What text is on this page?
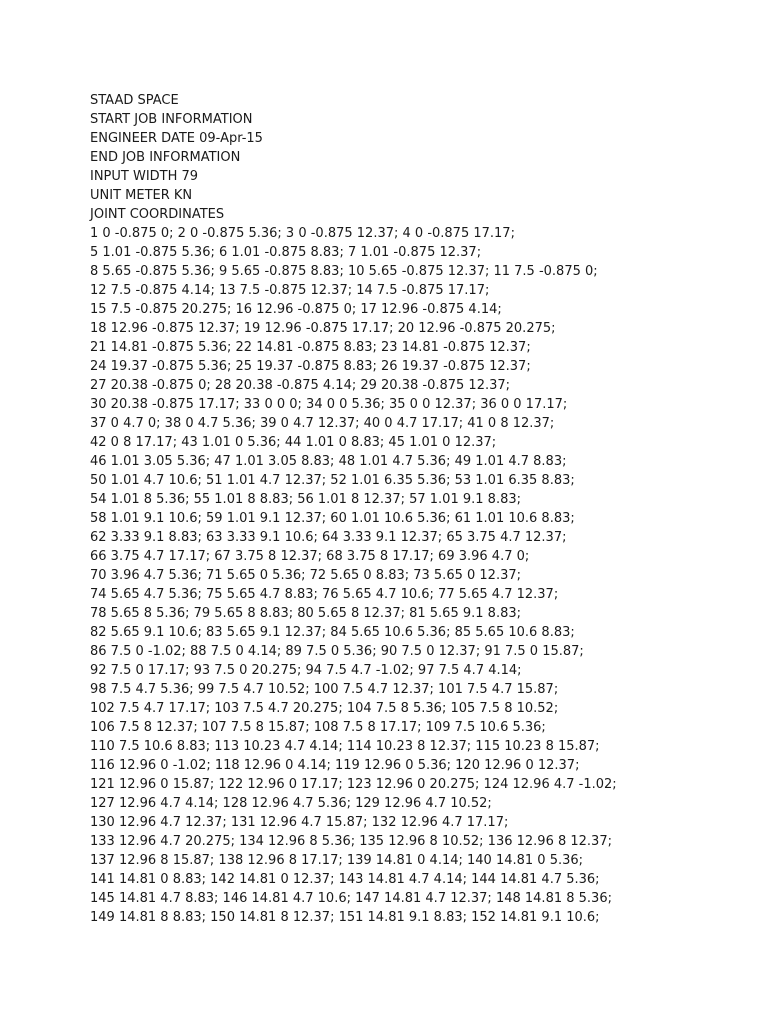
STAAD SPACE
START JOB INFORMATION
ENGINEER DATE 09-Apr-15
END JOB INFORMATION
INPUT WIDTH 79
UNIT METER KN
JOINT COORDINATES
1 0 -0.875 0; 2 0 -0.875 5.36; 3 0 -0.875 12.37; 4 0 -0.875 17.17;
5 1.01 -0.875 5.36; 6 1.01 -0.875 8.83; 7 1.01 -0.875 12.37;
8 5.65 -0.875 5.36; 9 5.65 -0.875 8.83; 10 5.65 -0.875 12.37; 11 7.5 -0.875 0;
12 7.5 -0.875 4.14; 13 7.5 -0.875 12.37; 14 7.5 -0.875 17.17;
15 7.5 -0.875 20.275; 16 12.96 -0.875 0; 17 12.96 -0.875 4.14;
18 12.96 -0.875 12.37; 19 12.96 -0.875 17.17; 20 12.96 -0.875 20.275;
21 14.81 -0.875 5.36; 22 14.81 -0.875 8.83; 23 14.81 -0.875 12.37;
24 19.37 -0.875 5.36; 25 19.37 -0.875 8.83; 26 19.37 -0.875 12.37;
27 20.38 -0.875 0; 28 20.38 -0.875 4.14; 29 20.38 -0.875 12.37;
30 20.38 -0.875 17.17; 33 0 0 0; 34 0 0 5.36; 35 0 0 12.37; 36 0 0 17.17;
37 0 4.7 0; 38 0 4.7 5.36; 39 0 4.7 12.37; 40 0 4.7 17.17; 41 0 8 12.37;
42 0 8 17.17; 43 1.01 0 5.36; 44 1.01 0 8.83; 45 1.01 0 12.37;
46 1.01 3.05 5.36; 47 1.01 3.05 8.83; 48 1.01 4.7 5.36; 49 1.01 4.7 8.83;
50 1.01 4.7 10.6; 51 1.01 4.7 12.37; 52 1.01 6.35 5.36; 53 1.01 6.35 8.83;
54 1.01 8 5.36; 55 1.01 8 8.83; 56 1.01 8 12.37; 57 1.01 9.1 8.83;
58 1.01 9.1 10.6; 59 1.01 9.1 12.37; 60 1.01 10.6 5.36; 61 1.01 10.6 8.83;
62 3.33 9.1 8.83; 63 3.33 9.1 10.6; 64 3.33 9.1 12.37; 65 3.75 4.7 12.37;
66 3.75 4.7 17.17; 67 3.75 8 12.37; 68 3.75 8 17.17; 69 3.96 4.7 0;
70 3.96 4.7 5.36; 71 5.65 0 5.36; 72 5.65 0 8.83; 73 5.65 0 12.37;
74 5.65 4.7 5.36; 75 5.65 4.7 8.83; 76 5.65 4.7 10.6; 77 5.65 4.7 12.37;
78 5.65 8 5.36; 79 5.65 8 8.83; 80 5.65 8 12.37; 81 5.65 9.1 8.83;
82 5.65 9.1 10.6; 83 5.65 9.1 12.37; 84 5.65 10.6 5.36; 85 5.65 10.6 8.83;
86 7.5 0 -1.02; 88 7.5 0 4.14; 89 7.5 0 5.36; 90 7.5 0 12.37; 91 7.5 0 15.87;
92 7.5 0 17.17; 93 7.5 0 20.275; 94 7.5 4.7 -1.02; 97 7.5 4.7 4.14;
98 7.5 4.7 5.36; 99 7.5 4.7 10.52; 100 7.5 4.7 12.37; 101 7.5 4.7 15.87;
102 7.5 4.7 17.17; 103 7.5 4.7 20.275; 104 7.5 8 5.36; 105 7.5 8 10.52;
106 7.5 8 12.37; 107 7.5 8 15.87; 108 7.5 8 17.17; 109 7.5 10.6 5.36;
110 7.5 10.6 8.83; 113 10.23 4.7 4.14; 114 10.23 8 12.37; 115 10.23 8 15.87;
116 12.96 0 -1.02; 118 12.96 0 4.14; 119 12.96 0 5.36; 120 12.96 0 12.37;
121 12.96 0 15.87; 122 12.96 0 17.17; 123 12.96 0 20.275; 124 12.96 4.7 -1.02;
127 12.96 4.7 4.14; 128 12.96 4.7 5.36; 129 12.96 4.7 10.52;
130 12.96 4.7 12.37; 131 12.96 4.7 15.87; 132 12.96 4.7 17.17;
133 12.96 4.7 20.275; 134 12.96 8 5.36; 135 12.96 8 10.52; 136 12.96 8 12.37;
137 12.96 8 15.87; 138 12.96 8 17.17; 139 14.81 0 4.14; 140 14.81 0 5.36;
141 14.81 0 8.83; 142 14.81 0 12.37; 143 14.81 4.7 4.14; 144 14.81 4.7 5.36;
145 14.81 4.7 8.83; 146 14.81 4.7 10.6; 147 14.81 4.7 12.37; 148 14.81 8 5.36;
149 14.81 8 8.83; 150 14.81 8 12.37; 151 14.81 9.1 8.83; 152 14.81 9.1 10.6;
